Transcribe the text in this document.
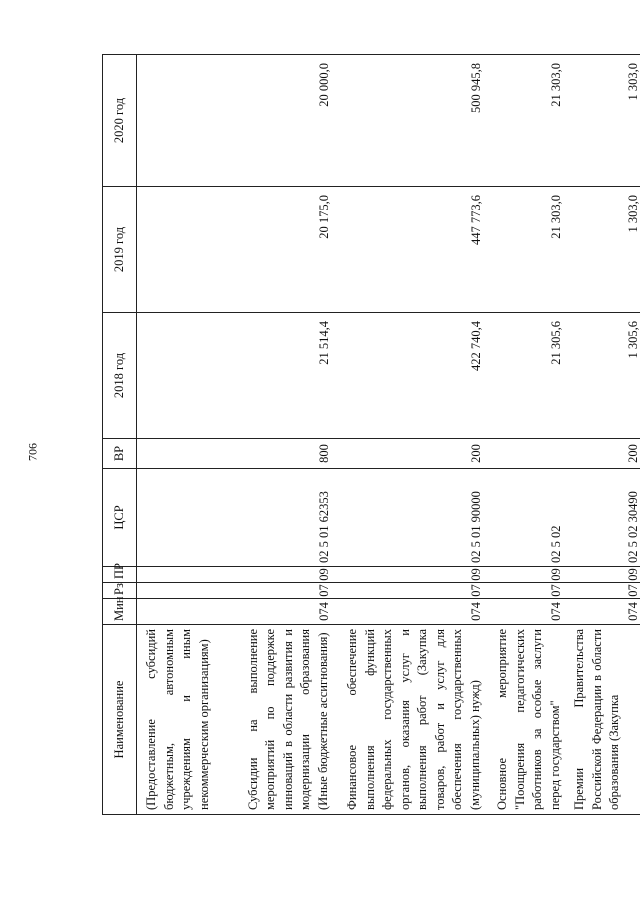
706
Наименование	Мин	Рз	ПР	ЦСР	ВР	2018 год	2019 год	2020 год
(Предоставление субсидий бюджетным, автономным учреждениям и иным некоммерческим организациям)								
Субсидии на выполнение мероприятий по поддержке инноваций в области развития и модернизации образования (Иные бюджетные ассигнования)	074	07	09	02 5 01 62353	800	21 514,4	20 175,0	20 000,0
Финансовое обеспечение выполнения функций федеральных государственных органов, оказания услуг и выполнения работ (Закупка товаров, работ и услуг для обеспечения государственных (муниципальных) нужд)	074	07	09	02 5 01 90000	200	422 740,4	447 773,6	500 945,8
Основное мероприятие "Поощрения педагогических работников за особые заслуги перед государством"	074	07	09	02 5 02		21 305,6	21 303,0	21 303,0
Премии Правительства Российской Федерации в области образования (Закупка	074	07	09	02 5 02 30490	200	1 305,6	1 303,0	1 303,0
